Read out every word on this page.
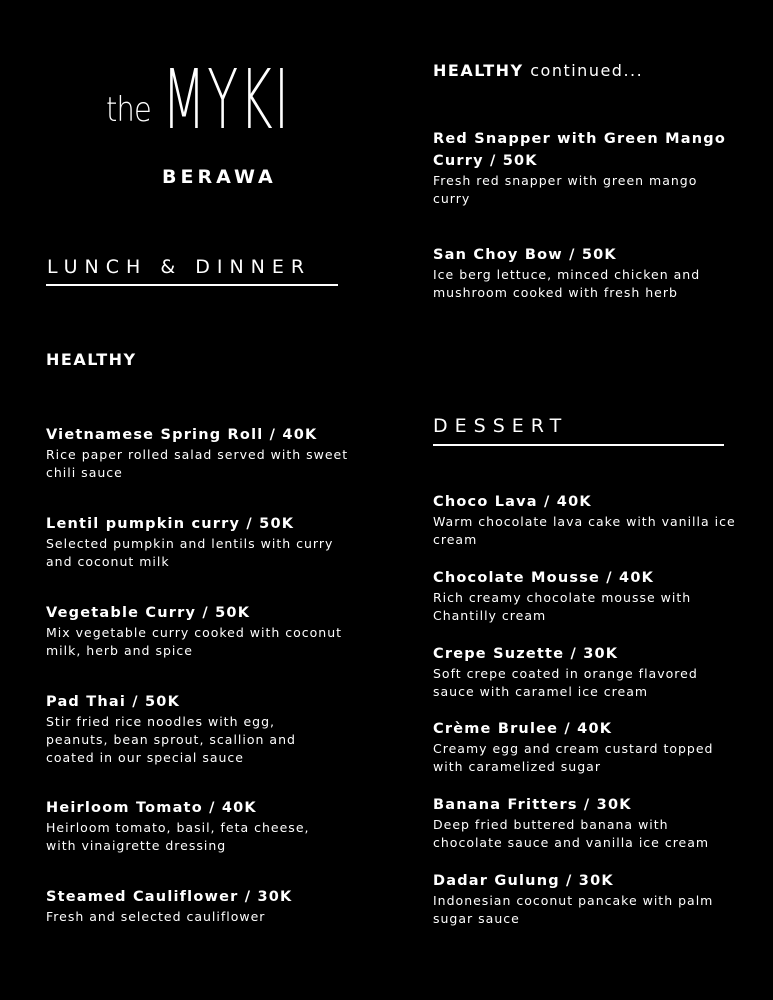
the MYKI
BERAWA
LUNCH & DINNER
HEALTHY
Vietnamese Spring Roll / 40K
Rice paper rolled salad served with sweet chili sauce
Lentil pumpkin curry / 50K
Selected pumpkin and lentils with curry and coconut milk
Vegetable Curry / 50K
Mix vegetable curry cooked with coconut milk, herb and spice
Pad Thai / 50K
Stir fried rice noodles with egg, peanuts, bean sprout, scallion and coated in our special sauce
Heirloom Tomato / 40K
Heirloom tomato, basil, feta cheese, with vinaigrette dressing
Steamed Cauliflower / 30K
Fresh and selected cauliflower
HEALTHY continued...
Red Snapper with Green Mango Curry / 50K
Fresh red snapper with green mango curry
San Choy Bow / 50K
Ice berg lettuce, minced chicken and mushroom cooked with fresh herb
DESSERT
Choco Lava / 40K
Warm chocolate lava cake with vanilla ice cream
Chocolate Mousse / 40K
Rich creamy chocolate mousse with Chantilly cream
Crepe Suzette / 30K
Soft crepe coated in orange flavored sauce with caramel ice cream
Crème Brulee / 40K
Creamy egg and cream custard topped with caramelized sugar
Banana Fritters / 30K
Deep fried buttered banana with chocolate sauce and vanilla ice cream
Dadar Gulung / 30K
Indonesian coconut pancake with palm sugar sauce
